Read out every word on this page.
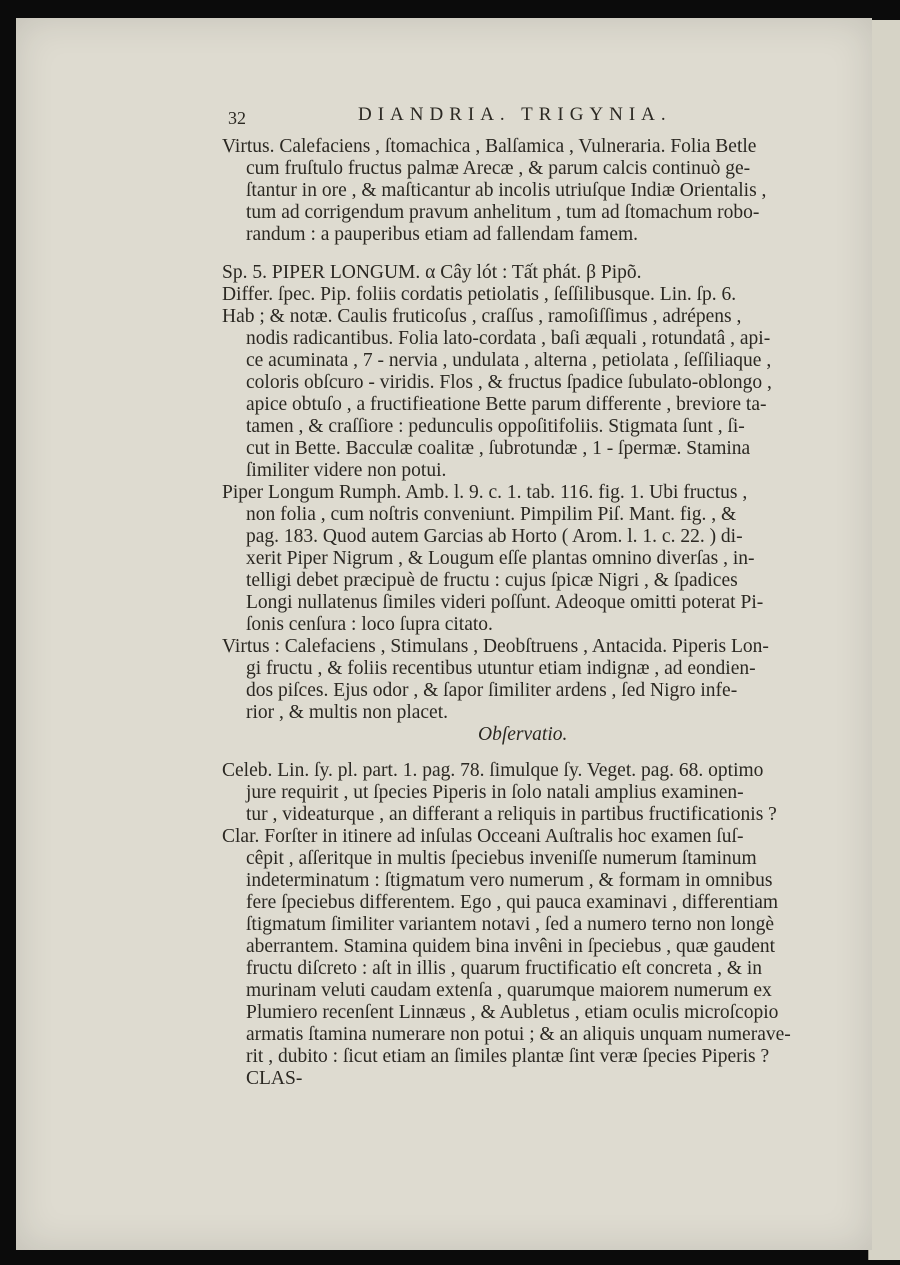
32	DIANDRIA. TRIGYNIA.
Virtus. Calefaciens , ſtomachica , Balſamica , Vulneraria. Folia Betle
cum fruſtulo fructus palmæ Arecæ , & parum calcis continuò ge-
ſtantur in ore , & maſticantur ab incolis utriuſque Indiæ Orientalis ,
tum ad corrigendum pravum anhelitum , tum ad ſtomachum robo-
randum : a pauperibus etiam ad fallendam famem.
Sp. 5. PIPER LONGUM. α Cây lót : Tất phát. β Pipõ.
Differ. ſpec. Pip. foliis cordatis petiolatis , ſeſſilibusque. Lin. ſp. 6.
Hab ; & notæ. Caulis fruticoſus , craſſus , ramoſiſſimus , adrépens ,
nodis radicantibus. Folia lato-cordata , baſi æquali , rotundatâ , api-
ce acuminata , 7 - nervia , undulata , alterna , petiolata , ſeſſiliaque ,
coloris obſcuro - viridis. Flos , & fructus ſpadice ſubulato-oblongo ,
apice obtuſo , a fructifieatione Bette parum differente , breviore ta-
tamen , & craſſiore : pedunculis oppoſitifoliis. Stigmata ſunt , ſi-
cut in Bette. Bacculæ coalitæ , ſubrotundæ , 1 - ſpermæ. Stamina
ſimiliter videre non potui.
Piper Longum Rumph. Amb. l. 9. c. 1. tab. 116. fig. 1. Ubi fructus ,
non folia , cum noſtris conveniunt. Pimpilim Piſ. Mant. fig. , &
pag. 183. Quod autem Garcias ab Horto ( Arom. l. 1. c. 22. ) di-
xerit Piper Nigrum , & Lougum eſſe plantas omnino diverſas , in-
telligi debet præcipuè de fructu : cujus ſpicæ Nigri , & ſpadices
Longi nullatenus ſimiles videri poſſunt. Adeoque omitti poterat Pi-
ſonis cenſura : loco ſupra citato.
Virtus : Calefaciens , Stimulans , Deobſtruens , Antacida. Piperis Lon-
gi fructu , & foliis recentibus utuntur etiam indignæ , ad eondien-
dos piſces. Ejus odor , & ſapor ſimiliter ardens , ſed Nigro infe-
rior , & multis non placet.
Obſervatio.
Celeb. Lin. ſy. pl. part. 1. pag. 78. ſimulque ſy. Veget. pag. 68. optimo
jure requirit , ut ſpecies Piperis in ſolo natali amplius examinen-
tur , videaturque , an differant a reliquis in partibus fructificationis ?
Clar. Forſter in itinere ad inſulas Occeani Auſtralis hoc examen ſuſ-
cêpit , aſſeritque in multis ſpeciebus inveniſſe numerum ſtaminum
indeterminatum : ſtigmatum vero numerum , & formam in omnibus
fere ſpeciebus differentem. Ego , qui pauca examinavi , differentiam
ſtigmatum ſimiliter variantem notavi , ſed a numero terno non longè
aberrantem. Stamina quidem bina invêni in ſpeciebus , quæ gaudent
fructu diſcreto : aſt in illis , quarum fructificatio eſt concreta , & in
murinam veluti caudam extenſa , quarumque maiorem numerum ex
Plumiero recenſent Linnæus , & Aubletus , etiam oculis microſcopio
armatis ſtamina numerare non potui ; & an aliquis unquam numerave-
rit , dubito : ſicut etiam an ſimiles plantæ ſint veræ ſpecies Piperis ?
CLAS-
